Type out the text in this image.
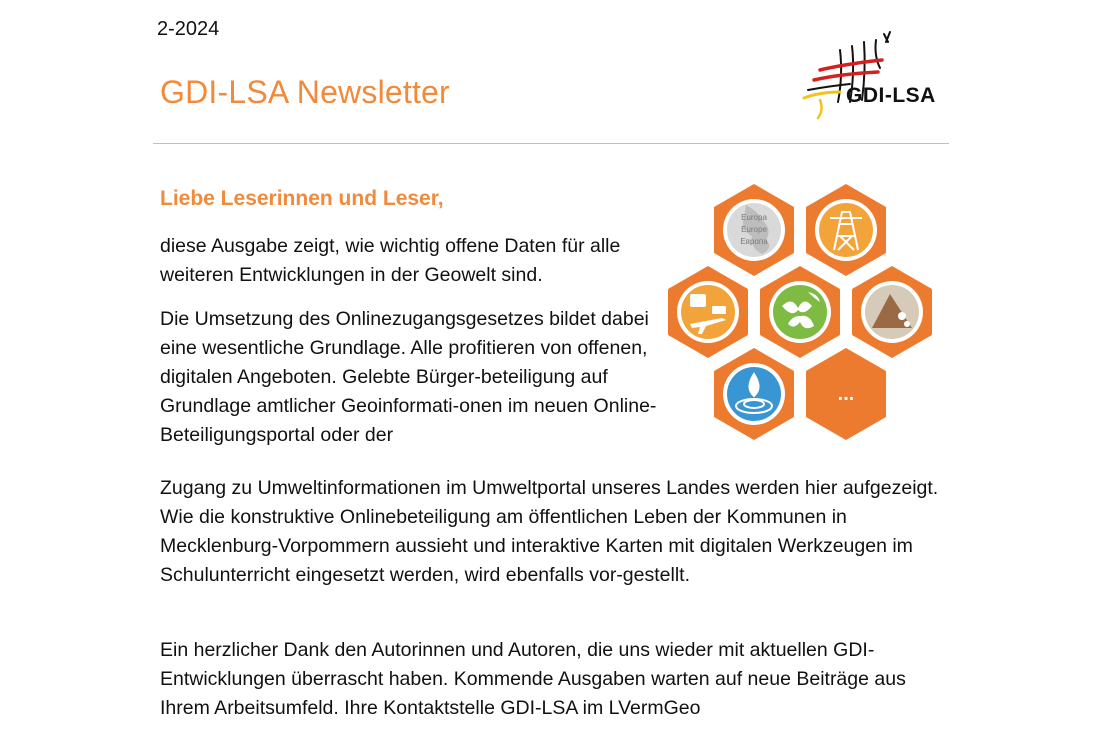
2-2024
GDI-LSA Newsletter	GDI-LSA
Liebe Leserinnen und Leser,

diese Ausgabe zeigt, wie wichtig offene Daten für alle weiteren Entwicklungen in der Geowelt sind.

Die Umsetzung des Onlinezugangsgesetzes bildet dabei eine wesentliche Grundlage. Alle profitieren von offenen, digitalen Angeboten. Gelebte Bürger-beteiligung auf Grundlage amtlicher Geoinformati-onen im neuen Online-Beteiligungsportal oder der

Europa
Europe
Европа
...

Zugang zu Umweltinformationen im Umweltportal unseres Landes werden hier aufgezeigt. Wie die konstruktive Onlinebeteiligung am öffentlichen Leben der Kommunen in Mecklenburg-Vorpommern aussieht und interaktive Karten mit digitalen Werkzeugen im Schulunterricht eingesetzt werden, wird ebenfalls vor-gestellt.

Ein herzlicher Dank den Autorinnen und Autoren, die uns wieder mit aktuellen GDI- Entwicklungen überrascht haben. Kommende Ausgaben warten auf neue Beiträge aus Ihrem Arbeitsumfeld. Ihre Kontaktstelle GDI-LSA im LVermGeo
